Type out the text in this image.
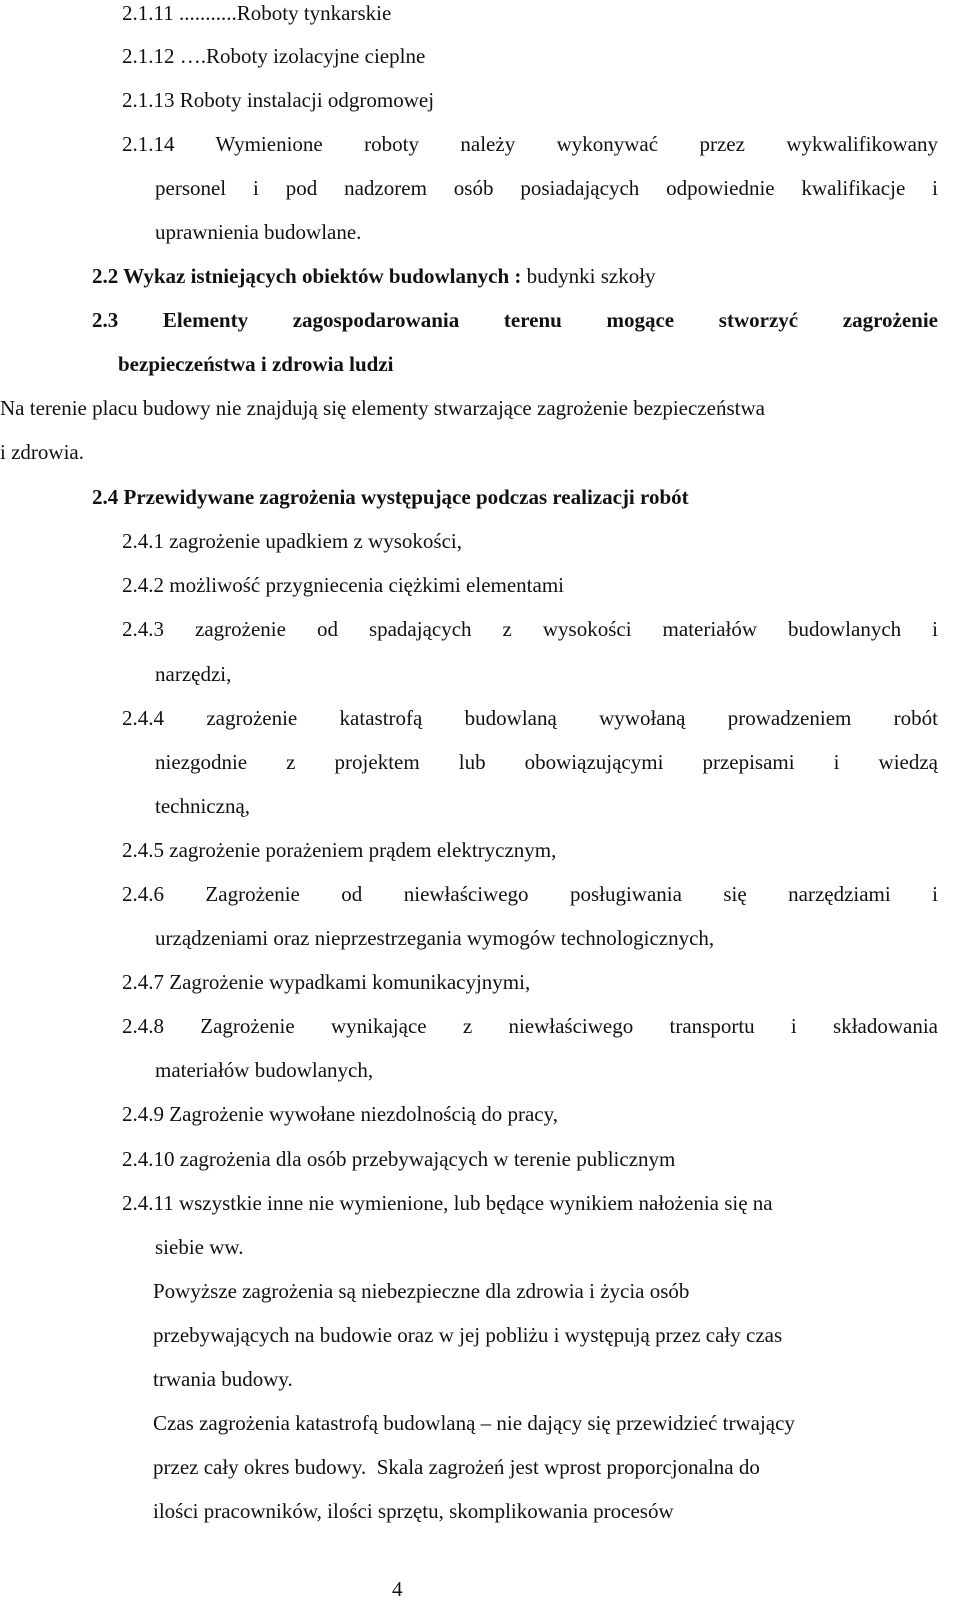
2.1.11 ...........Roboty tynkarskie
2.1.12 ….Roboty izolacyjne cieplne
2.1.13 Roboty instalacji odgromowej
2.1.14 Wymienione roboty należy wykonywać przez wykwalifikowany
personel i pod nadzorem osób posiadających odpowiednie kwalifikacje i
uprawnienia budowlane.
2.2 Wykaz istniejących obiektów budowlanych : budynki szkoły
2.3 Elementy zagospodarowania terenu mogące stworzyć zagrożenie
bezpieczeństwa i zdrowia ludzi
Na terenie placu budowy nie znajdują się elementy stwarzające zagrożenie bezpieczeństwa
i zdrowia.
2.4 Przewidywane zagrożenia występujące podczas realizacji robót
2.4.1 zagrożenie upadkiem z wysokości,
2.4.2 możliwość przygniecenia ciężkimi elementami
2.4.3 zagrożenie od spadających z wysokości materiałów budowlanych i
narzędzi,
2.4.4 zagrożenie katastrofą budowlaną wywołaną prowadzeniem robót
niezgodnie z projektem lub obowiązującymi przepisami i wiedzą
techniczną,
2.4.5 zagrożenie porażeniem prądem elektrycznym,
2.4.6 Zagrożenie od niewłaściwego posługiwania się narzędziami i
urządzeniami oraz nieprzestrzegania wymogów technologicznych,
2.4.7 Zagrożenie wypadkami komunikacyjnymi,
2.4.8 Zagrożenie wynikające z niewłaściwego transportu i składowania
materiałów budowlanych,
2.4.9 Zagrożenie wywołane niezdolnością do pracy,
2.4.10 zagrożenia dla osób przebywających w terenie publicznym
2.4.11 wszystkie inne nie wymienione, lub będące wynikiem nałożenia się na
siebie ww.
Powyższe zagrożenia są niebezpieczne dla zdrowia i życia osób
przebywających na budowie oraz w jej pobliżu i występują przez cały czas
trwania budowy.
Czas zagrożenia katastrofą budowlaną – nie dający się przewidzieć trwający
przez cały okres budowy.  Skala zagrożeń jest wprost proporcjonalna do
ilości pracowników, ilości sprzętu, skomplikowania procesów
4
